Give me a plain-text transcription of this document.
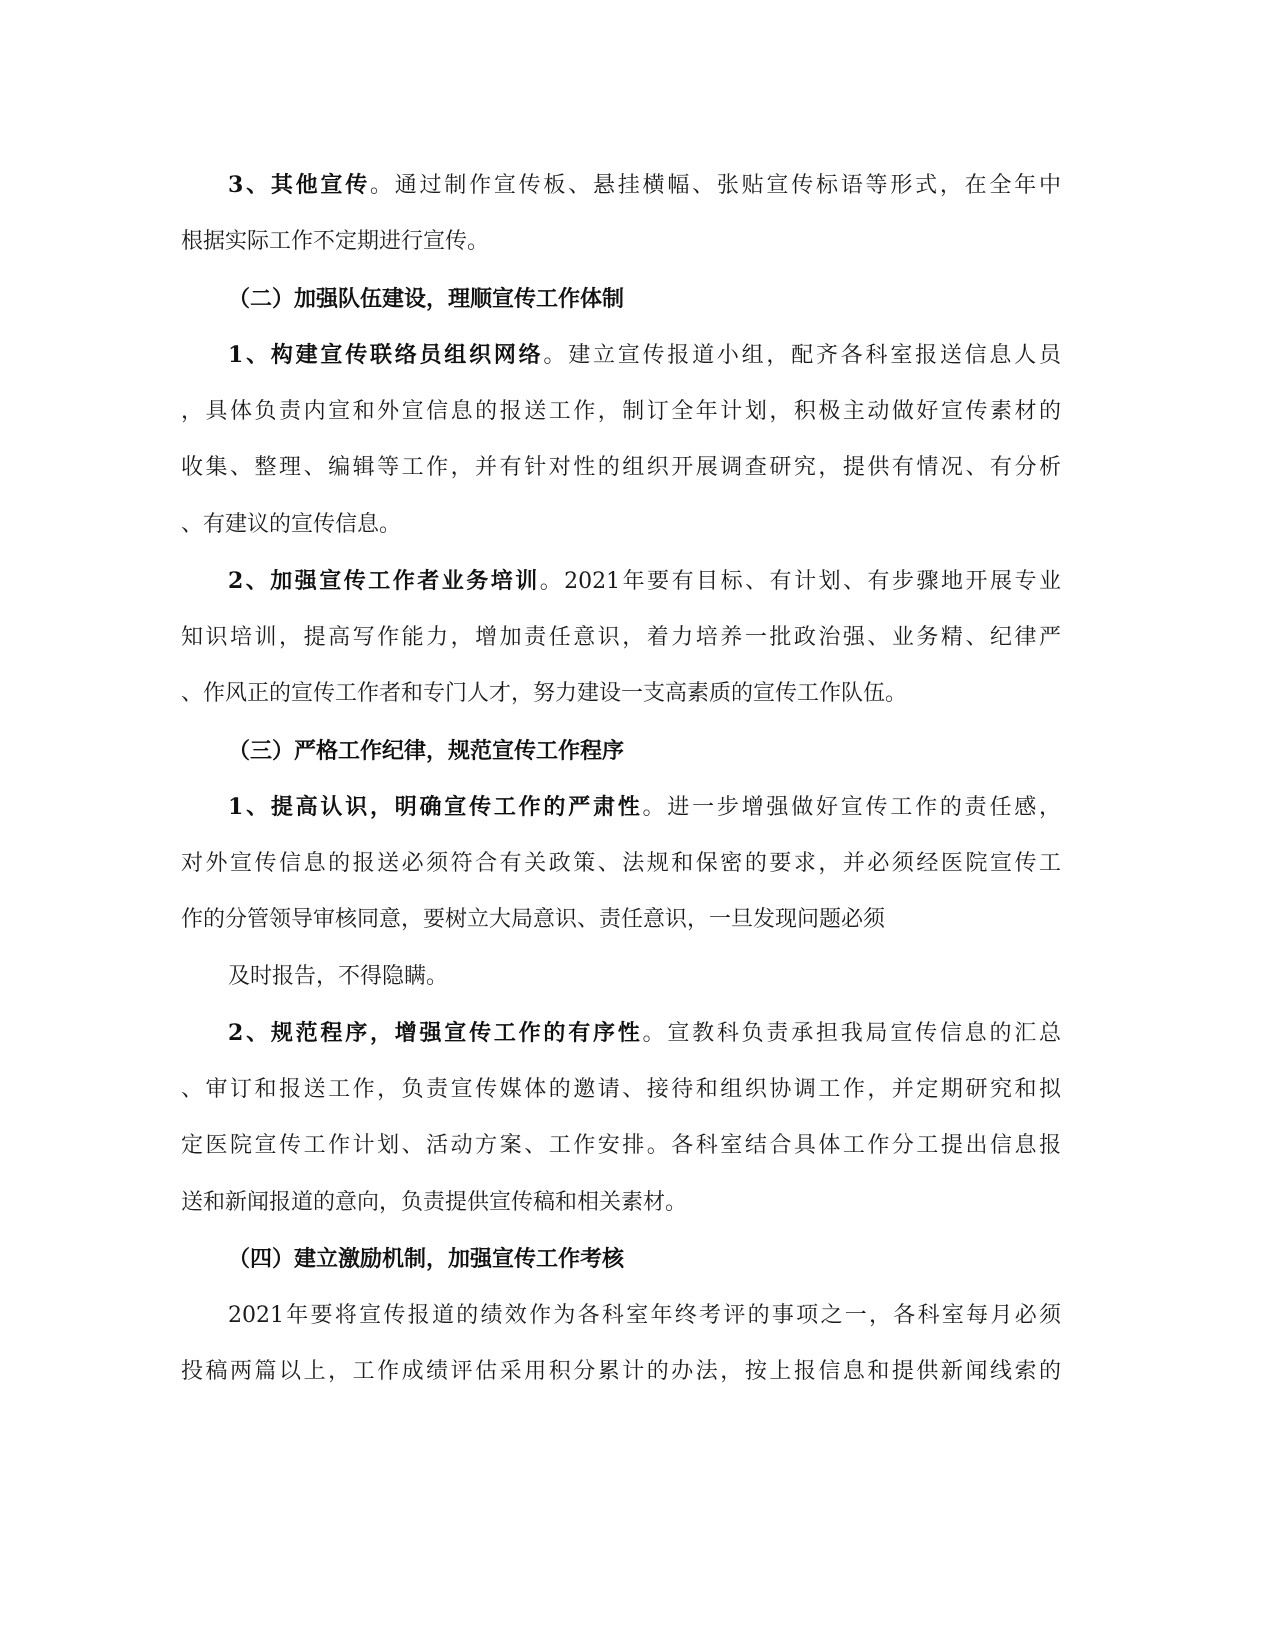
3、其他宣传。通过制作宣传板、悬挂横幅、张贴宣传标语等形式，在全年中

根据实际工作不定期进行宣传。

（二）加强队伍建设，理顺宣传工作体制

1、构建宣传联络员组织网络。建立宣传报道小组，配齐各科室报送信息人员

，具体负责内宣和外宣信息的报送工作，制订全年计划，积极主动做好宣传素材的

收集、整理、编辑等工作，并有针对性的组织开展调查研究，提供有情况、有分析

、有建议的宣传信息。

2、加强宣传工作者业务培训。2021年要有目标、有计划、有步骤地开展专业

知识培训，提高写作能力，增加责任意识，着力培养一批政治强、业务精、纪律严

、作风正的宣传工作者和专门人才，努力建设一支高素质的宣传工作队伍。

（三）严格工作纪律，规范宣传工作程序

1、提高认识，明确宣传工作的严肃性。进一步增强做好宣传工作的责任感，

对外宣传信息的报送必须符合有关政策、法规和保密的要求，并必须经医院宣传工

作的分管领导审核同意，要树立大局意识、责任意识，一旦发现问题必须

及时报告，不得隐瞒。

2、规范程序，增强宣传工作的有序性。宣教科负责承担我局宣传信息的汇总

、审订和报送工作，负责宣传媒体的邀请、接待和组织协调工作，并定期研究和拟

定医院宣传工作计划、活动方案、工作安排。各科室结合具体工作分工提出信息报

送和新闻报道的意向，负责提供宣传稿和相关素材。

（四）建立激励机制，加强宣传工作考核

2021年要将宣传报道的绩效作为各科室年终考评的事项之一，各科室每月必须

投稿两篇以上，工作成绩评估采用积分累计的办法，按上报信息和提供新闻线索的
